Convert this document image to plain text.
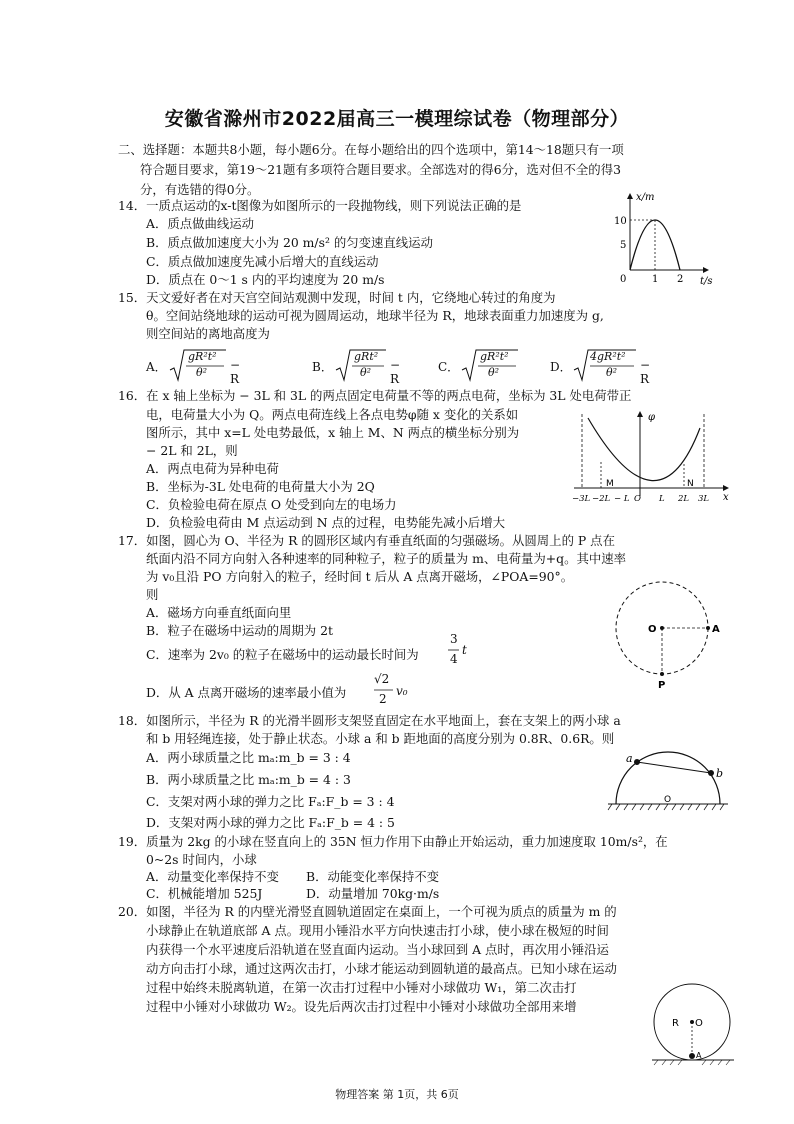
安徽省滁州市2022届高三一模理综试卷（物理部分）
二、选择题：本题共8小题，每小题6分。在每小题给出的四个选项中，第14～18题只有一项
符合题目要求，第19～21题有多项符合题目要求。全部选对的得6分，选对但不全的得3
分，有选错的得0分。
14．一质点运动的x-t图像为如图所示的一段抛物线，则下列说法正确的是
A．质点做曲线运动
B．质点做加速度大小为 20 m/s² 的匀变速直线运动
C．质点做加速度先减小后增大的直线运动
D．质点在 0～1 s 内的平均速度为 20 m/s
x/m
t/s
10
5
0	1 2
15．天文爱好者在对天宫空间站观测中发现，时间 t 内，它绕地心转过的角度为
θ。空间站绕地球的运动可视为圆周运动，地球半径为 R，地球表面重力加速度为 g,
则空间站的离地高度为
A．
gR²t²
θ²
− R
B．
gRt²
θ²
− R
C．
gR²t²
θ²	D．
4gR²t²
θ²
− R
16．在 x 轴上坐标为 − 3L 和 3L 的两点固定电荷量不等的两点电荷，坐标为 3L 处电荷带正
电，电荷量大小为 Q。两点电荷连线上各点电势φ随 x 变化的关系如
图所示，其中 x=L 处电势最低，x 轴上 M、N 两点的横坐标分别为
− 2L 和 2L，则
A．两点电荷为异种电荷
B．坐标为-3L 处电荷的电荷量大小为 2Q
C．负检验电荷在原点 O 处受到向左的电场力
D．负检验电荷由 M 点运动到 N 点的过程，电势能先减小后增大
φ
x
M	N
−3L −2L − L O L 2L 3L
17．如图，圆心为 O、半径为 R 的圆形区域内有垂直纸面的匀强磁场。从圆周上的 P 点在
纸面内沿不同方向射入各种速率的同种粒子，粒子的质量为 m、电荷量为+q。其中速率
为 v₀且沿 PO 方向射入的粒子，经时间 t 后从 A 点离开磁场，∠POA=90°。
则
A．磁场方向垂直纸面向里
B．粒子在磁场中运动的周期为 2t
C．速率为 2v₀ 的粒子在磁场中的运动最长时间为
3
4
t
D．从 A 点离开磁场的速率最小值为
√2
2
v₀
O	A
P
18．如图所示，半径为 R 的光滑半圆形支架竖直固定在水平地面上，套在支架上的两小球 a
和 b 用轻绳连接，处于静止状态。小球 a 和 b 距地面的高度分别为 0.8R、0.6R。则
A．两小球质量之比 mₐ:m_b = 3 : 4
B．两小球质量之比 mₐ:m_b = 4 : 3
C．支架对两小球的弹力之比 Fₐ:F_b = 3 : 4
D．支架对两小球的弹力之比 Fₐ:F_b = 4 : 5
a
b
O
19．质量为 2kg 的小球在竖直向上的 35N 恒力作用下由静止开始运动，重力加速度取 10m/s²，在
0~2s 时间内，小球
A．动量变化率保持不变 B．动能变化率保持不变
C．机械能增加 525J	D．动量增加 70kg·m/s
20．如图，半径为 R 的内壁光滑竖直圆轨道固定在桌面上，一个可视为质点的质量为 m 的
小球静止在轨道底部 A 点。现用小锤沿水平方向快速击打小球，使小球在极短的时间
内获得一个水平速度后沿轨道在竖直面内运动。当小球回到 A 点时，再次用小锤沿运
动方向击打小球，通过这两次击打，小球才能运动到圆轨道的最高点。已知小球在运动
过程中始终未脱离轨道，在第一次击打过程中小锤对小球做功 W₁，第二次击打
过程中小锤对小球做功 W₂。设先后两次击打过程中小锤对小球做功全部用来增
R O
A
物理答案 第 1页，共 6页
